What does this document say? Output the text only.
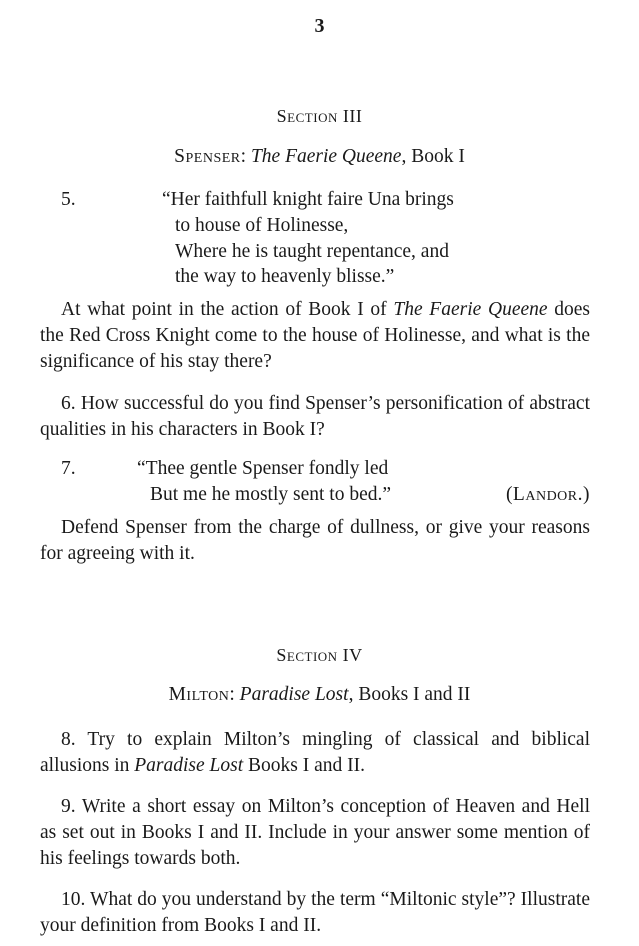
3
Section III
Spenser: The Faerie Queene, Book I
5.	“Her faithfull knight faire Una brings
to house of Holinesse,
Where he is taught repentance, and
the way to heavenly blisse.”
At what point in the action of Book I of The Faerie Queene does the Red Cross Knight come to the house of Holinesse, and what is the significance of his stay there?
6. How successful do you find Spenser’s personification of abstract qualities in his characters in Book I?
7.	“Thee gentle Spenser fondly led
But me he mostly sent to bed.”	(Landor.)
Defend Spenser from the charge of dullness, or give your reasons for agreeing with it.
Section IV
Milton: Paradise Lost, Books I and II
8. Try to explain Milton’s mingling of classical and biblical allusions in Paradise Lost Books I and II.
9. Write a short essay on Milton’s conception of Heaven and Hell as set out in Books I and II. Include in your answer some mention of his feelings towards both.
10. What do you understand by the term “Miltonic style”? Illustrate your definition from Books I and II.
